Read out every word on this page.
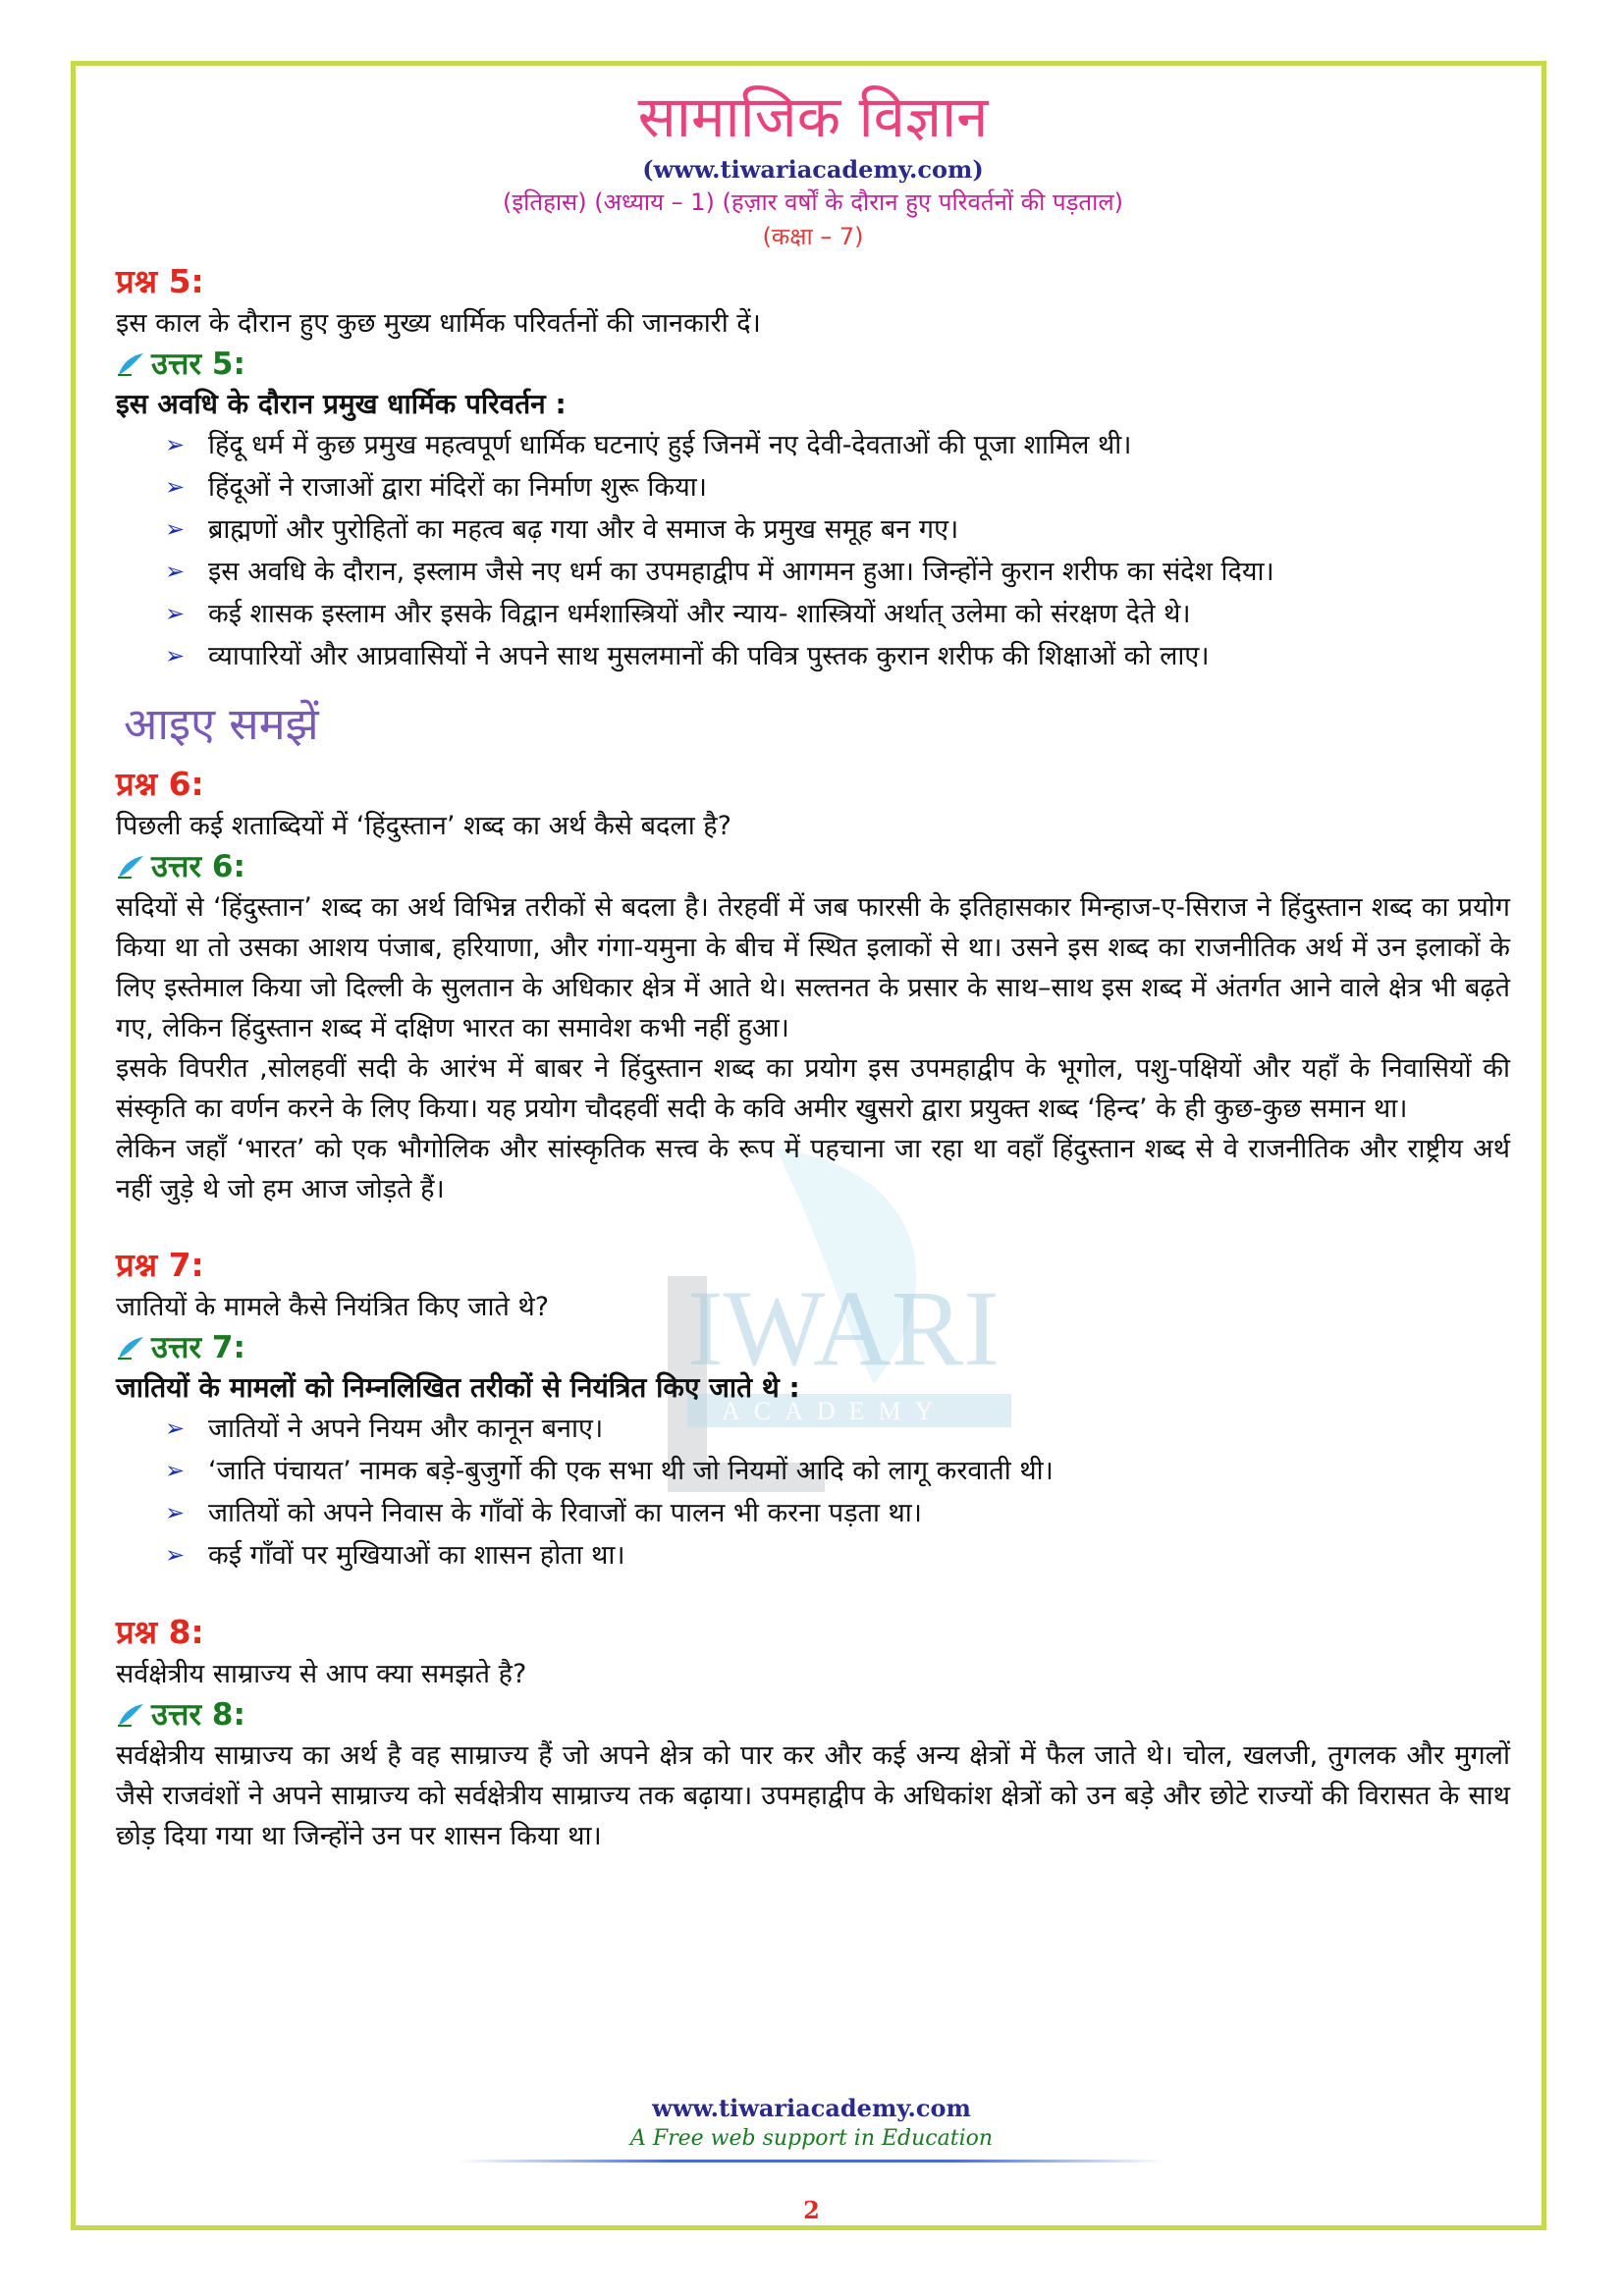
IWARI
ACADEMY
सामाजिक विज्ञान
(www.tiwariacademy.com)
(इतिहास) (अध्याय – 1) (हज़ार वर्षों के दौरान हुए परिवर्तनों की पड़ताल)
(कक्षा – 7)
प्रश्न 5:
इस काल के दौरान हुए कुछ मुख्य धार्मिक परिवर्तनों की जानकारी दें।
उत्तर 5:
इस अवधि के दौरान प्रमुख धार्मिक परिवर्तन :
➢ हिंदू धर्म में कुछ प्रमुख महत्वपूर्ण धार्मिक घटनाएं हुई जिनमें नए देवी-देवताओं की पूजा शामिल थी।
➢ हिंदूओं ने राजाओं द्वारा मंदिरों का निर्माण शुरू किया।
➢ ब्राह्मणों और पुरोहितों का महत्व बढ़ गया और वे समाज के प्रमुख समूह बन गए।
➢ इस अवधि के दौरान, इस्लाम जैसे नए धर्म का उपमहाद्वीप में आगमन हुआ। जिन्होंने कुरान शरीफ का संदेश दिया।
➢ कई शासक इस्लाम और इसके विद्वान धर्मशास्त्रियों और न्याय- शास्त्रियों अर्थात् उलेमा को संरक्षण देते थे।
➢ व्यापारियों और आप्रवासियों ने अपने साथ मुसलमानों की पवित्र पुस्तक कुरान शरीफ की शिक्षाओं को लाए।
आइए समझें
प्रश्न 6:
पिछली कई शताब्दियों में ‘हिंदुस्तान’ शब्द का अर्थ कैसे बदला है?
उत्तर 6:
सदियों से ‘हिंदुस्तान’ शब्द का अर्थ विभिन्न तरीकों से बदला है। तेरहवीं में जब फारसी के इतिहासकार मिन्हाज-ए-सिराज ने हिंदुस्तान शब्द का प्रयोग किया था तो उसका आशय पंजाब, हरियाणा, और गंगा-यमुना के बीच में स्थित इलाकों से था। उसने इस शब्द का राजनीतिक अर्थ में उन इलाकों के लिए इस्तेमाल किया जो दिल्ली के सुलतान के अधिकार क्षेत्र में आते थे। सल्तनत के प्रसार के साथ–साथ इस शब्द में अंतर्गत आने वाले क्षेत्र भी बढ़ते गए, लेकिन हिंदुस्तान शब्द में दक्षिण भारत का समावेश कभी नहीं हुआ।
इसके विपरीत ,सोलहवीं सदी के आरंभ में बाबर ने हिंदुस्तान शब्द का प्रयोग इस उपमहाद्वीप के भूगोल, पशु-पक्षियों और यहाँ के निवासियों की संस्कृति का वर्णन करने के लिए किया। यह प्रयोग चौदहवीं सदी के कवि अमीर खुसरो द्वारा प्रयुक्त शब्द ‘हिन्द’ के ही कुछ-कुछ समान था।
लेकिन जहाँ ‘भारत’ को एक भौगोलिक और सांस्कृतिक सत्त्व के रूप में पहचाना जा रहा था वहाँ हिंदुस्तान शब्द से वे राजनीतिक और राष्ट्रीय अर्थ नहीं जुड़े थे जो हम आज जोड़ते हैं।
प्रश्न 7:
जातियों के मामले कैसे नियंत्रित किए जाते थे?
उत्तर 7:
जातियों के मामलों को निम्नलिखित तरीकों से नियंत्रित किए जाते थे :
➢ जातियों ने अपने नियम और कानून बनाए।
➢ ‘जाति पंचायत’ नामक बड़े-बुजुर्गो की एक सभा थी जो नियमों आदि को लागू करवाती थी।
➢ जातियों को अपने निवास के गाँवों के रिवाजों का पालन भी करना पड़ता था।
➢ कई गाँवों पर मुखियाओं का शासन होता था।
प्रश्न 8:
सर्वक्षेत्रीय साम्राज्य से आप क्या समझते है?
उत्तर 8:
सर्वक्षेत्रीय साम्राज्य का अर्थ है वह साम्राज्य हैं जो अपने क्षेत्र को पार कर और कई अन्य क्षेत्रों में फैल जाते थे। चोल, खलजी, तुगलक और मुगलों जैसे राजवंशों ने अपने साम्राज्य को सर्वक्षेत्रीय साम्राज्य तक बढ़ाया। उपमहाद्वीप के अधिकांश क्षेत्रों को उन बड़े और छोटे राज्यों की विरासत के साथ छोड़ दिया गया था जिन्होंने उन पर शासन किया था।
www.tiwariacademy.com
A Free web support in Education
2
